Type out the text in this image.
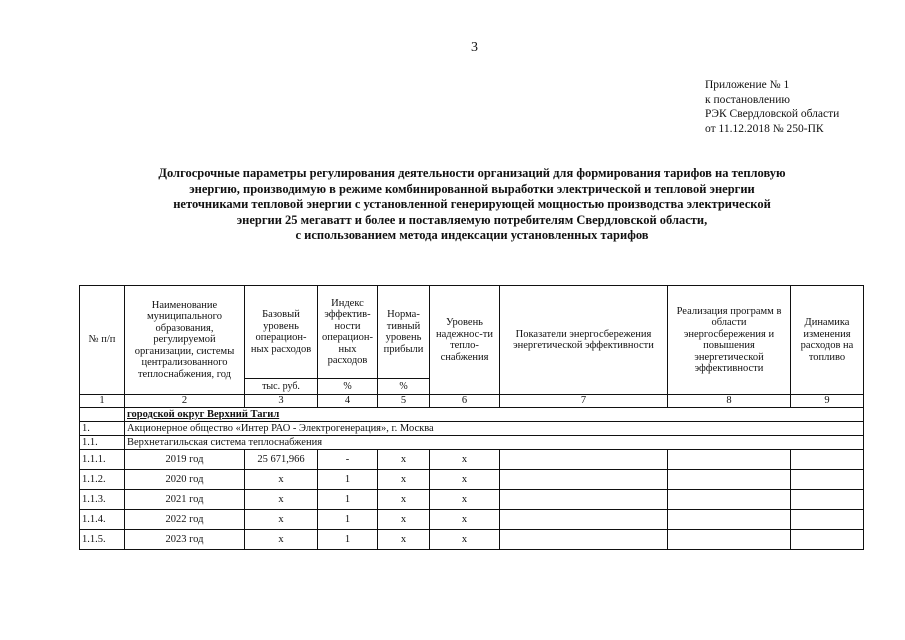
3
Приложение № 1
к постановлению
РЭК Свердловской области
от 11.12.2018 № 250-ПК
Долгосрочные параметры регулирования деятельности организаций для формирования тарифов на тепловую
энергию, производимую в режиме комбинированной выработки электрической и тепловой энергии
неточниками тепловой энергии с установленной генерирующей мощностью производства электрической
энергии 25 мегаватт и более и поставляемую потребителям Свердловской области,
с использованием метода индексации установленных тарифов
№ п/п	Наименование муниципального образования, регулируемой организации, системы централизованного теплоснабжения, год	Базовый уровень операцион-ных расходов	Индекс эффектив-ности операцион-ных расходов	Норма-тивный уровень прибыли	Уровень надежнос-ти тепло-снабжения	Показатели энергосбережения энергетической эффективности	Реализация программ в области энергосбережения и повышения энергетической эффективности	Динамика изменения расходов на топливо
		тыс. руб.	%	%				
1	2	3	4	5	6	7	8	9
	городской округ Верхний Тагил							
1.	Акционерное общество «Интер РАО - Электрогенерация», г. Москва							
1.1.	Верхнетагильская система теплоснабжения							
1.1.1.	2019 год	25 671,966	-	x	x			
1.1.2.	2020 год	x	1	x	x			
1.1.3.	2021 год	x	1	x	x			
1.1.4.	2022 год	x	1	x	x			
1.1.5.	2023 год	x	1	x	x			
